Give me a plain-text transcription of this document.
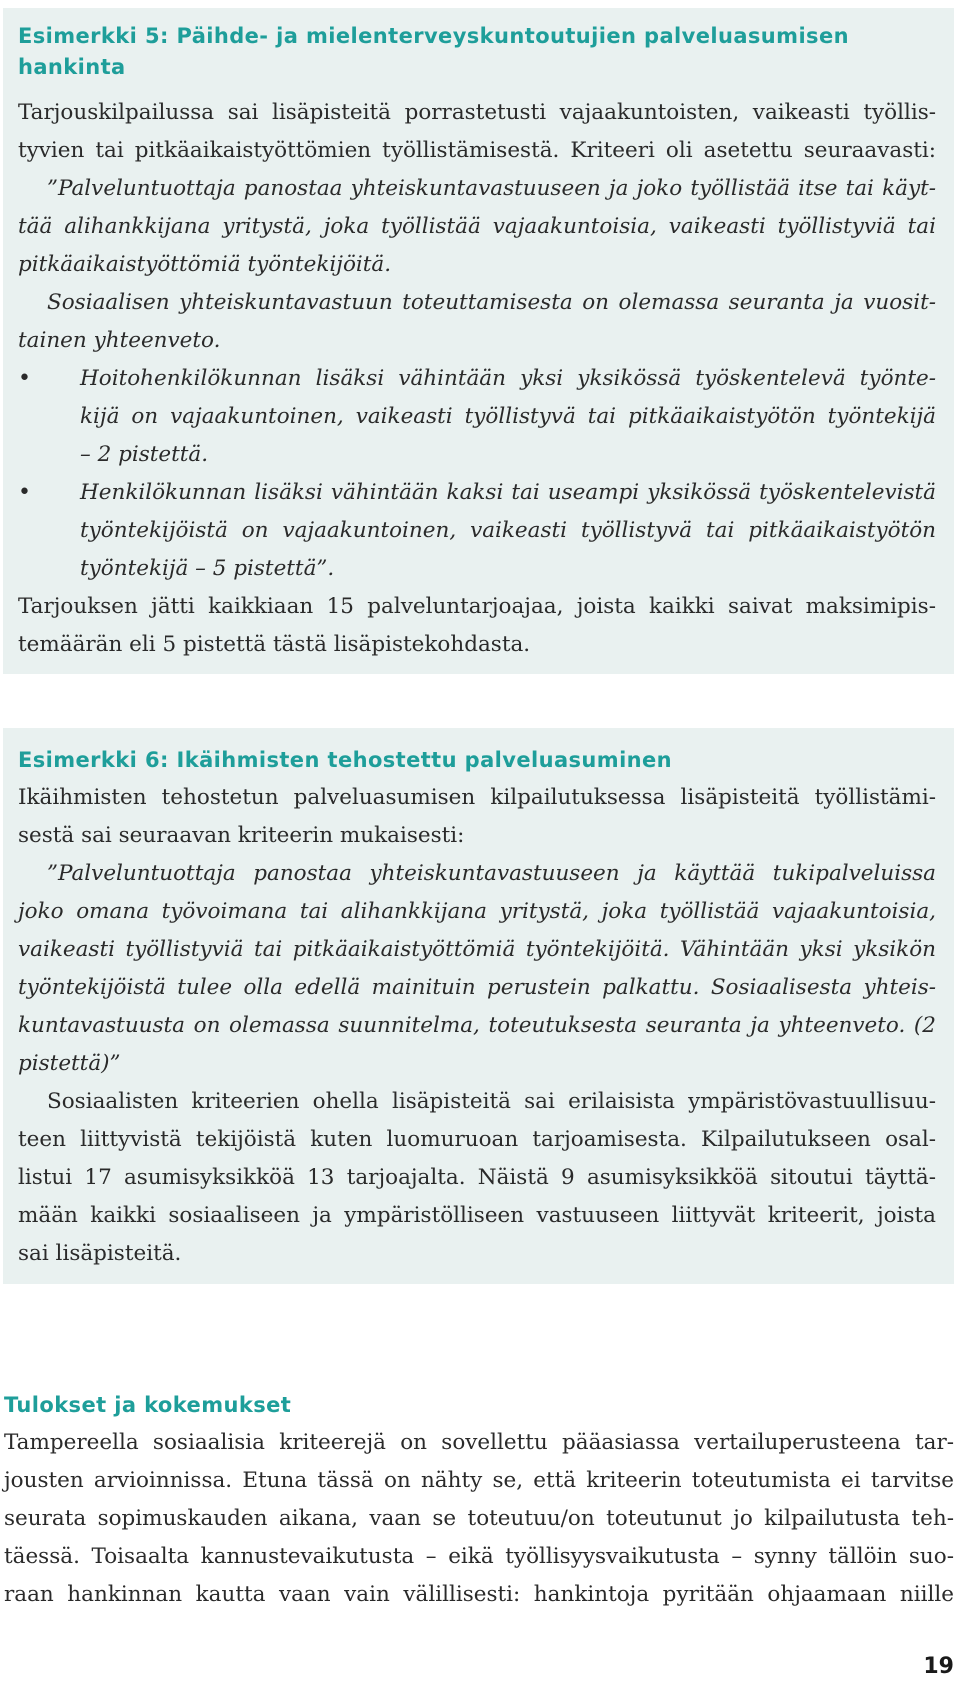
Esimerkki 5: Päihde- ja mielenterveyskuntoutujien palveluasumisen
hankinta

Tarjouskilpailussa sai lisäpisteitä porrastetusti vajaakuntoisten, vaikeasti työllis-

tyvien tai pitkäaikaistyöttömien työllistämisestä. Kriteeri oli asetettu seuraavasti:

”Palveluntuottaja panostaa yhteiskuntavastuuseen ja joko työllistää itse tai käyt-

tää alihankkijana yritystä, joka työllistää vajaakuntoisia, vaikeasti työllistyviä tai

pitkäaikaistyöttömiä työntekijöitä.

Sosiaalisen yhteiskuntavastuun toteuttamisesta on olemassa seuranta ja vuosit-

tainen yhteenveto.

• Hoitohenkilökunnan lisäksi vähintään yksi yksikössä työskentelevä työnte-

kijä on vajaakuntoinen, vaikeasti työllistyvä tai pitkäaikaistyötön työntekijä

– 2 pistettä.

• Henkilökunnan lisäksi vähintään kaksi tai useampi yksikössä työskentelevistä

työntekijöistä on vajaakuntoinen, vaikeasti työllistyvä tai pitkäaikaistyötön

työntekijä – 5 pistettä”.

Tarjouksen jätti kaikkiaan 15 palveluntarjoajaa, joista kaikki saivat maksimipis-

temäärän eli 5 pistettä tästä lisäpistekohdasta.

Esimerkki 6: Ikäihmisten tehostettu palveluasuminen

Ikäihmisten tehostetun palveluasumisen kilpailutuksessa lisäpisteitä työllistämi-

sestä sai seuraavan kriteerin mukaisesti:

”Palveluntuottaja panostaa yhteiskuntavastuuseen ja käyttää tukipalveluissa

joko omana työvoimana tai alihankkijana yritystä, joka työllistää vajaakuntoisia,

vaikeasti työllistyviä tai pitkäaikaistyöttömiä työntekijöitä. Vähintään yksi yksikön

työntekijöistä tulee olla edellä mainituin perustein palkattu. Sosiaalisesta yhteis-

kuntavastuusta on olemassa suunnitelma, toteutuksesta seuranta ja yhteenveto. (2

pistettä)”

Sosiaalisten kriteerien ohella lisäpisteitä sai erilaisista ympäristövastuullisuu-

teen liittyvistä tekijöistä kuten luomuruoan tarjoamisesta. Kilpailutukseen osal-

listui 17 asumisyksikköä 13 tarjoajalta. Näistä 9 asumisyksikköä sitoutui täyttä-

mään kaikki sosiaaliseen ja ympäristölliseen vastuuseen liittyvät kriteerit, joista

sai lisäpisteitä.

Tulokset ja kokemukset

Tampereella sosiaalisia kriteerejä on sovellettu pääasiassa vertailuperusteena tar-

jousten arvioinnissa. Etuna tässä on nähty se, että kriteerin toteutumista ei tarvitse

seurata sopimuskauden aikana, vaan se toteutuu/on toteutunut jo kilpailutusta teh-

täessä. Toisaalta kannustevaikutusta – eikä työllisyysvaikutusta – synny tällöin suo-

raan hankinnan kautta vaan vain välillisesti: hankintoja pyritään ohjaamaan niille

19
